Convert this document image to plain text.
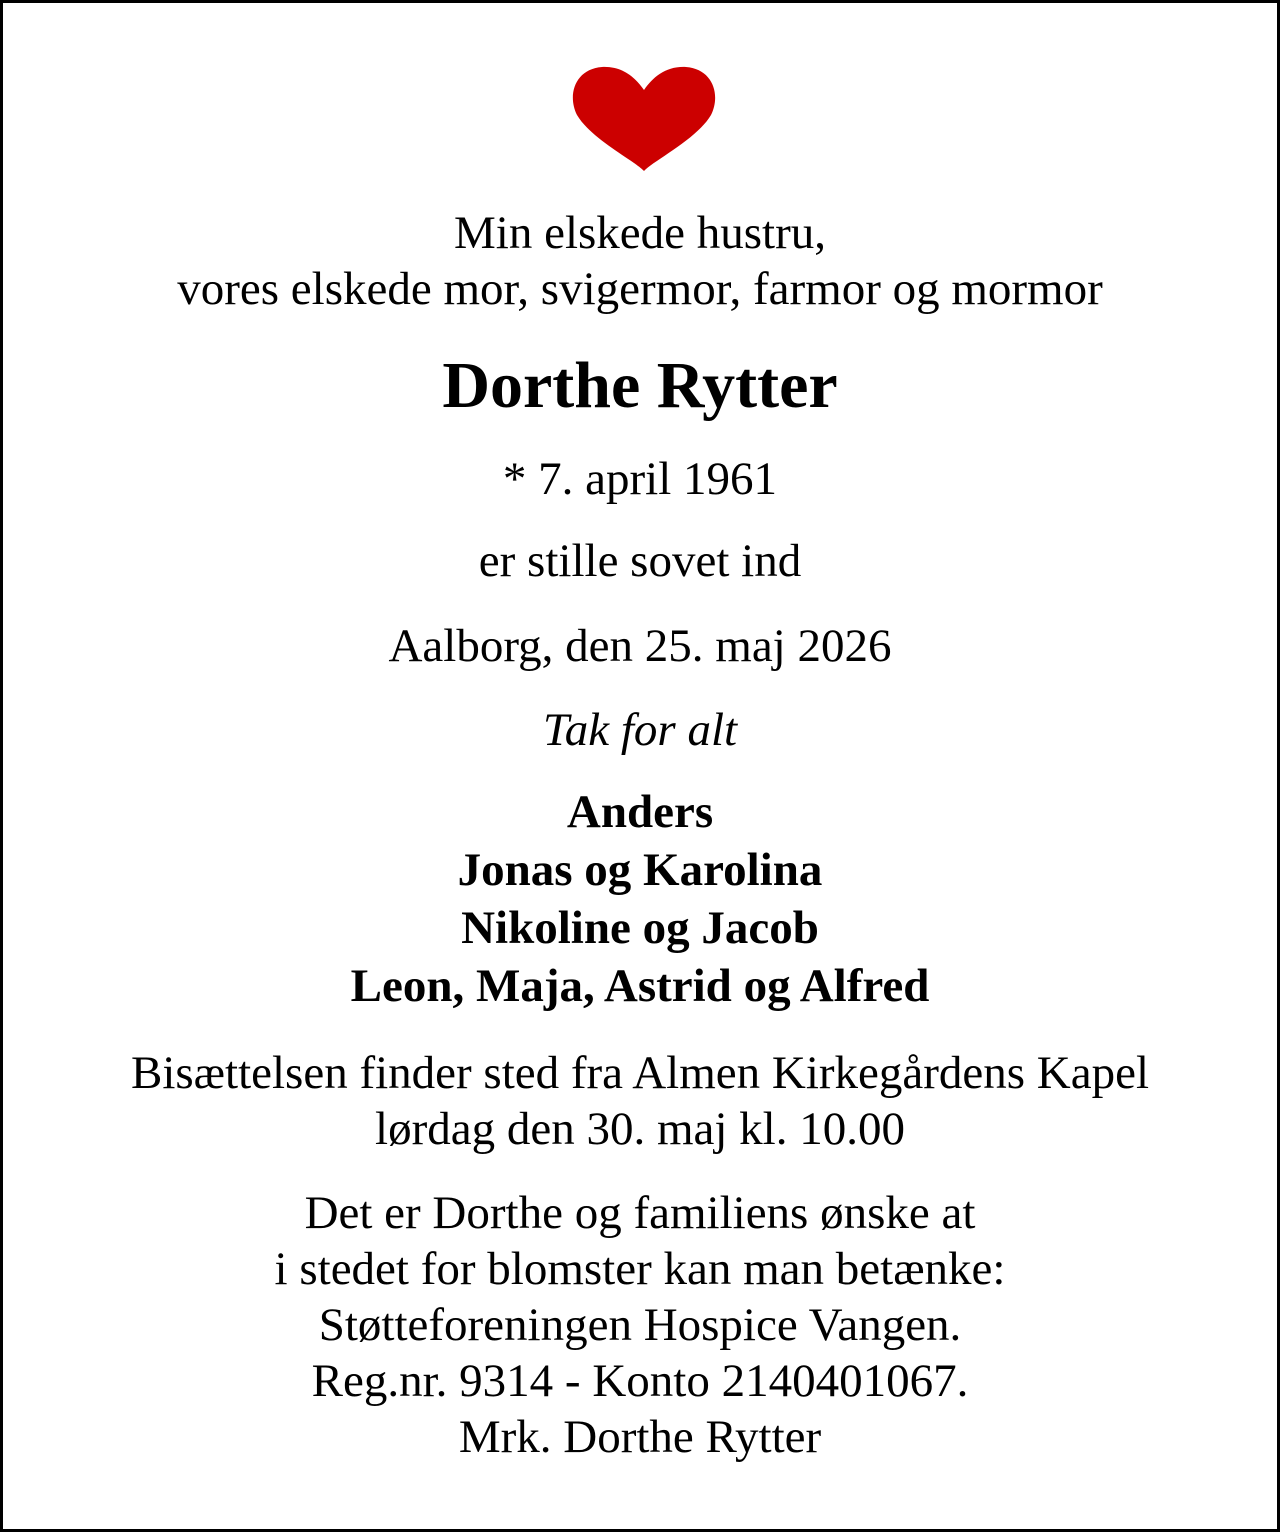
Min elskede hustru,
vores elskede mor, svigermor, farmor og mormor

Dorthe Rytter

* 7. april 1961

er stille sovet ind

Aalborg, den 25. maj 2026

Tak for alt

Anders
Jonas og Karolina
Nikoline og Jacob
Leon, Maja, Astrid og Alfred

Bisættelsen finder sted fra Almen Kirkegårdens Kapel
lørdag den 30. maj kl. 10.00

Det er Dorthe og familiens ønske at
i stedet for blomster kan man betænke:
Støtteforeningen Hospice Vangen.
Reg.nr. 9314 - Konto 2140401067.
Mrk. Dorthe Rytter
